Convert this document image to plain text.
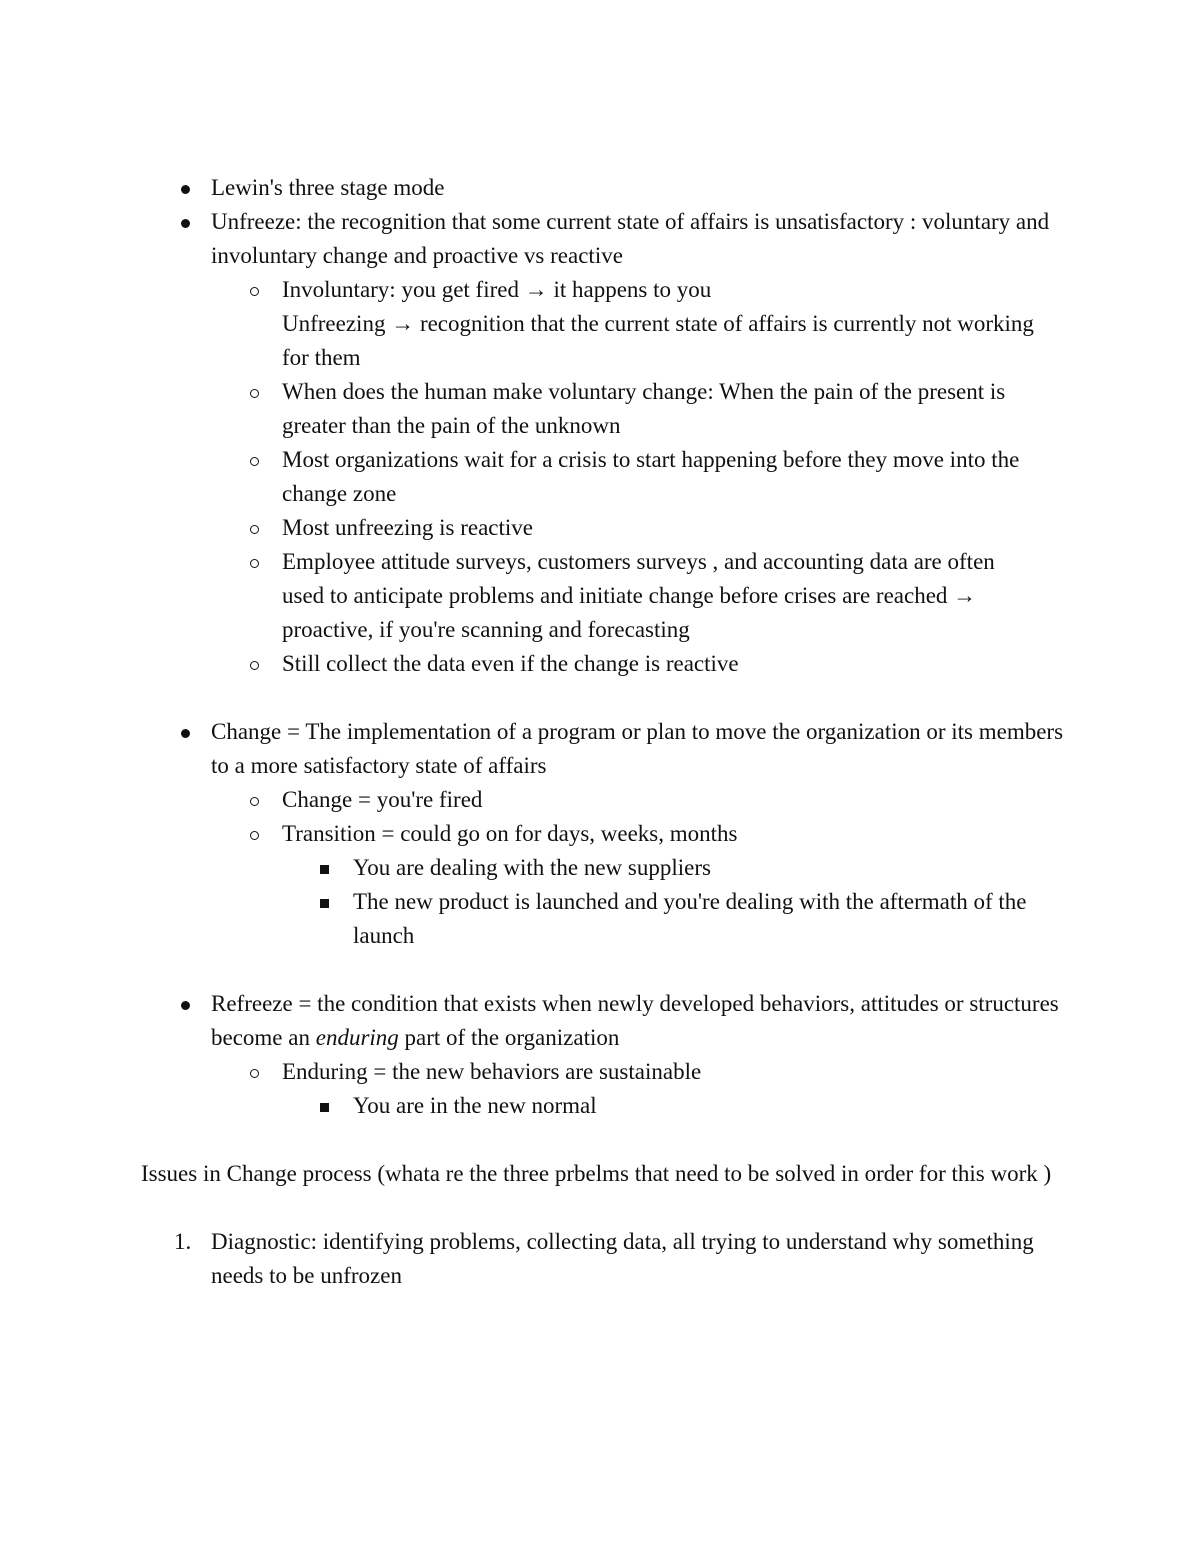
Lewin's three stage mode
Unfreeze: the recognition that some current state of affairs is unsatisfactory : voluntary and involuntary change and proactive vs reactive
Involuntary: you get fired → it happens to you
Unfreezing → recognition that the current state of affairs is currently not working for them
When does the human make voluntary change: When the pain of the present is greater than the pain of the unknown
Most organizations wait for a crisis to start happening before they move into the change zone
Most unfreezing is reactive
Employee attitude surveys, customers surveys , and accounting data are often used to anticipate problems and initiate change before crises are reached → proactive, if you're scanning and forecasting
Still collect the data even if the change is reactive
Change = The implementation of a program or plan to move the organization or its members to a more satisfactory state of affairs
Change = you're fired
Transition = could go on for days, weeks, months
You are dealing with the new suppliers
The new product is launched and you're dealing with the aftermath of the launch
Refreeze = the condition that exists when newly developed behaviors, attitudes or structures become an enduring part of the organization
Enduring = the new behaviors are sustainable
You are in the new normal

Issues in Change process (whata re the three prbelms that need to be solved in order for this work )

1. Diagnostic: identifying problems, collecting data, all trying to understand why something needs to be unfrozen
